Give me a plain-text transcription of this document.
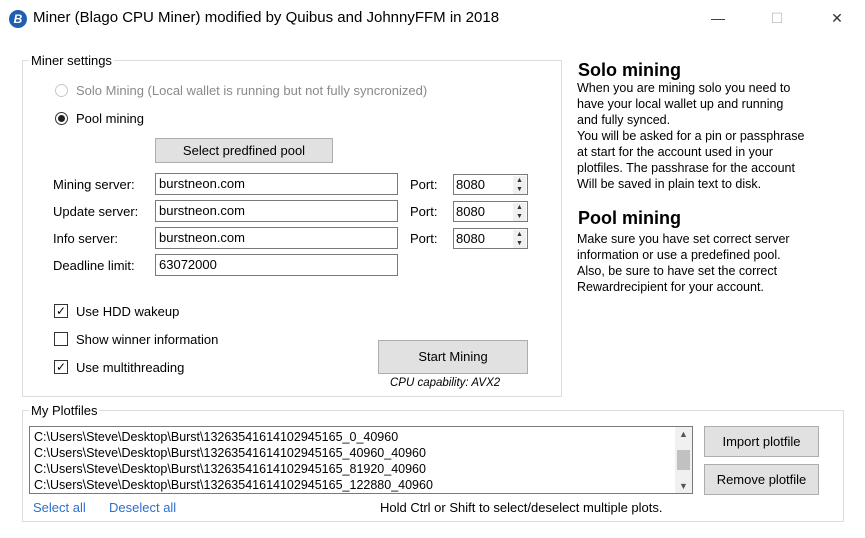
B Miner (Blago CPU Miner) modified by Quibus and JohnnyFFM in 2018	—	☐	✕
Miner settings
Solo Mining (Local wallet is running but not fully syncronized)
Pool mining
Select predfined pool
Mining server:	burstneon.com	Port: 8080	▲
▼
Update server:	burstneon.com	Port: 8080	▲
▼
Info server:	burstneon.com	Port: 8080	▲
▼
Deadline limit:	63072000
✓ Use HDD wakeup
Show winner information
✓ Use multithreading
Start Mining
CPU capability: AVX2
Solo mining
When you are mining solo you need to
have your local wallet up and running
and fully synced.
You will be asked for a pin or passphrase
at start for the account used in your
plotfiles. The passhrase for the account
Will be saved in plain text to disk.
Pool mining
Make sure you have set correct server
information or use a predefined pool.
Also, be sure to have set the correct
Rewardrecipient for your account.
My Plotfiles
C:\Users\Steve\Desktop\Burst\13263541614102945165_0_40960
C:\Users\Steve\Desktop\Burst\13263541614102945165_40960_40960
C:\Users\Steve\Desktop\Burst\13263541614102945165_81920_40960
C:\Users\Steve\Desktop\Burst\13263541614102945165_122880_40960
▲
▼
Import plotfile
Remove plotfile
Select all Deselect all	Hold Ctrl or Shift to select/deselect multiple plots.
